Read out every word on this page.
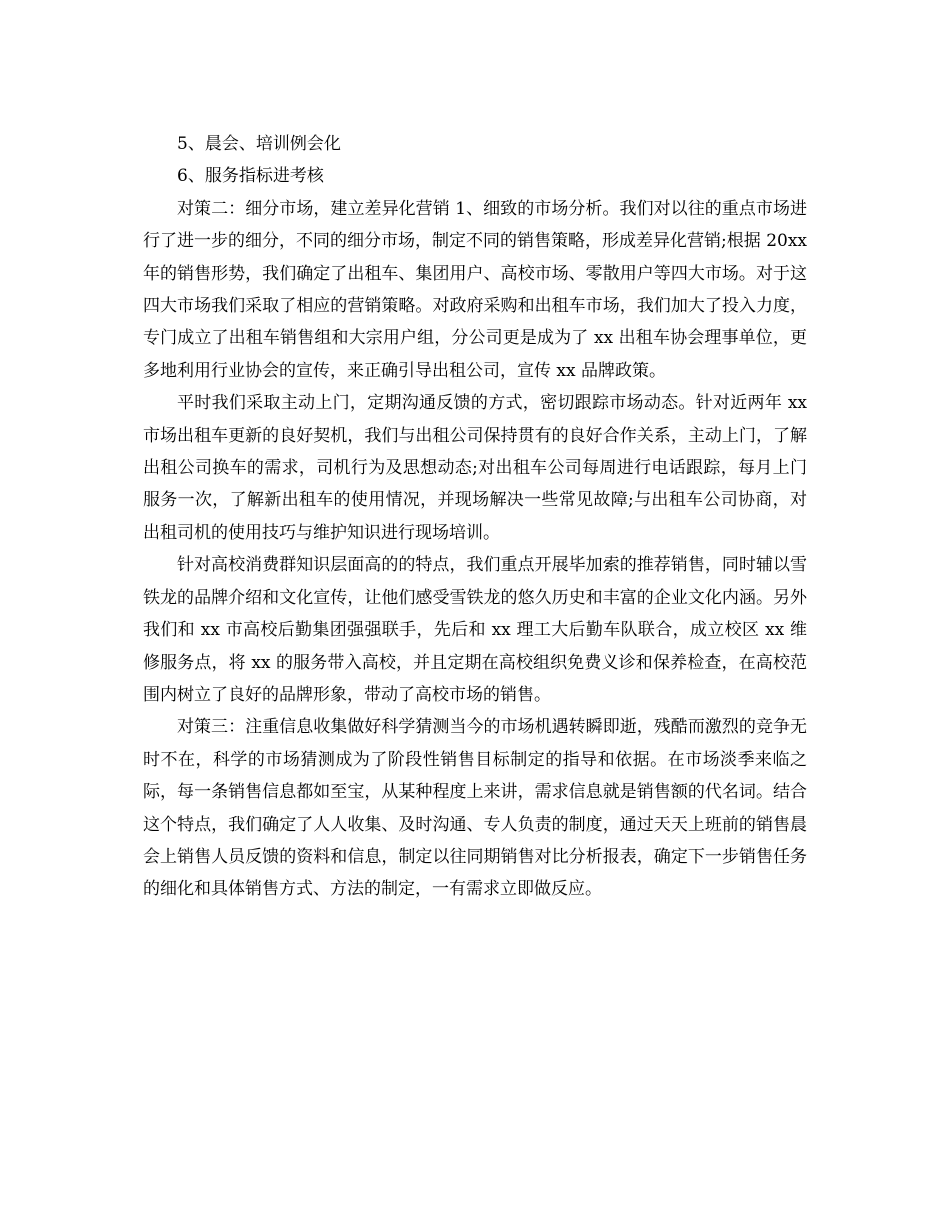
5、晨会、培训例会化

6、服务指标进考核

对策二：细分市场，建立差异化营销 1、细致的市场分析。我们对以往的重点市场进行了进一步的细分，不同的细分市场，制定不同的销售策略，形成差异化营销;根据 20xx 年的销售形势，我们确定了出租车、集团用户、高校市场、零散用户等四大市场。对于这四大市场我们采取了相应的营销策略。对政府采购和出租车市场，我们加大了投入力度，专门成立了出租车销售组和大宗用户组，分公司更是成为了 xx 出租车协会理事单位，更多地利用行业协会的宣传，来正确引导出租公司，宣传 xx 品牌政策。

平时我们采取主动上门，定期沟通反馈的方式，密切跟踪市场动态。针对近两年 xx 市场出租车更新的良好契机，我们与出租公司保持贯有的良好合作关系，主动上门，了解出租公司换车的需求，司机行为及思想动态;对出租车公司每周进行电话跟踪，每月上门服务一次，了解新出租车的使用情况，并现场解决一些常见故障;与出租车公司协商，对出租司机的使用技巧与维护知识进行现场培训。

针对高校消费群知识层面高的的特点，我们重点开展毕加索的推荐销售，同时辅以雪铁龙的品牌介绍和文化宣传，让他们感受雪铁龙的悠久历史和丰富的企业文化内涵。另外我们和 xx 市高校后勤集团强强联手，先后和 xx 理工大后勤车队联合，成立校区 xx 维修服务点，将 xx 的服务带入高校，并且定期在高校组织免费义诊和保养检查，在高校范围内树立了良好的品牌形象，带动了高校市场的销售。

对策三：注重信息收集做好科学猜测当今的市场机遇转瞬即逝，残酷而激烈的竞争无时不在，科学的市场猜测成为了阶段性销售目标制定的指导和依据。在市场淡季来临之际，每一条销售信息都如至宝，从某种程度上来讲，需求信息就是销售额的代名词。结合这个特点，我们确定了人人收集、及时沟通、专人负责的制度，通过天天上班前的销售晨会上销售人员反馈的资料和信息，制定以往同期销售对比分析报表，确定下一步销售任务的细化和具体销售方式、方法的制定，一有需求立即做反应。
